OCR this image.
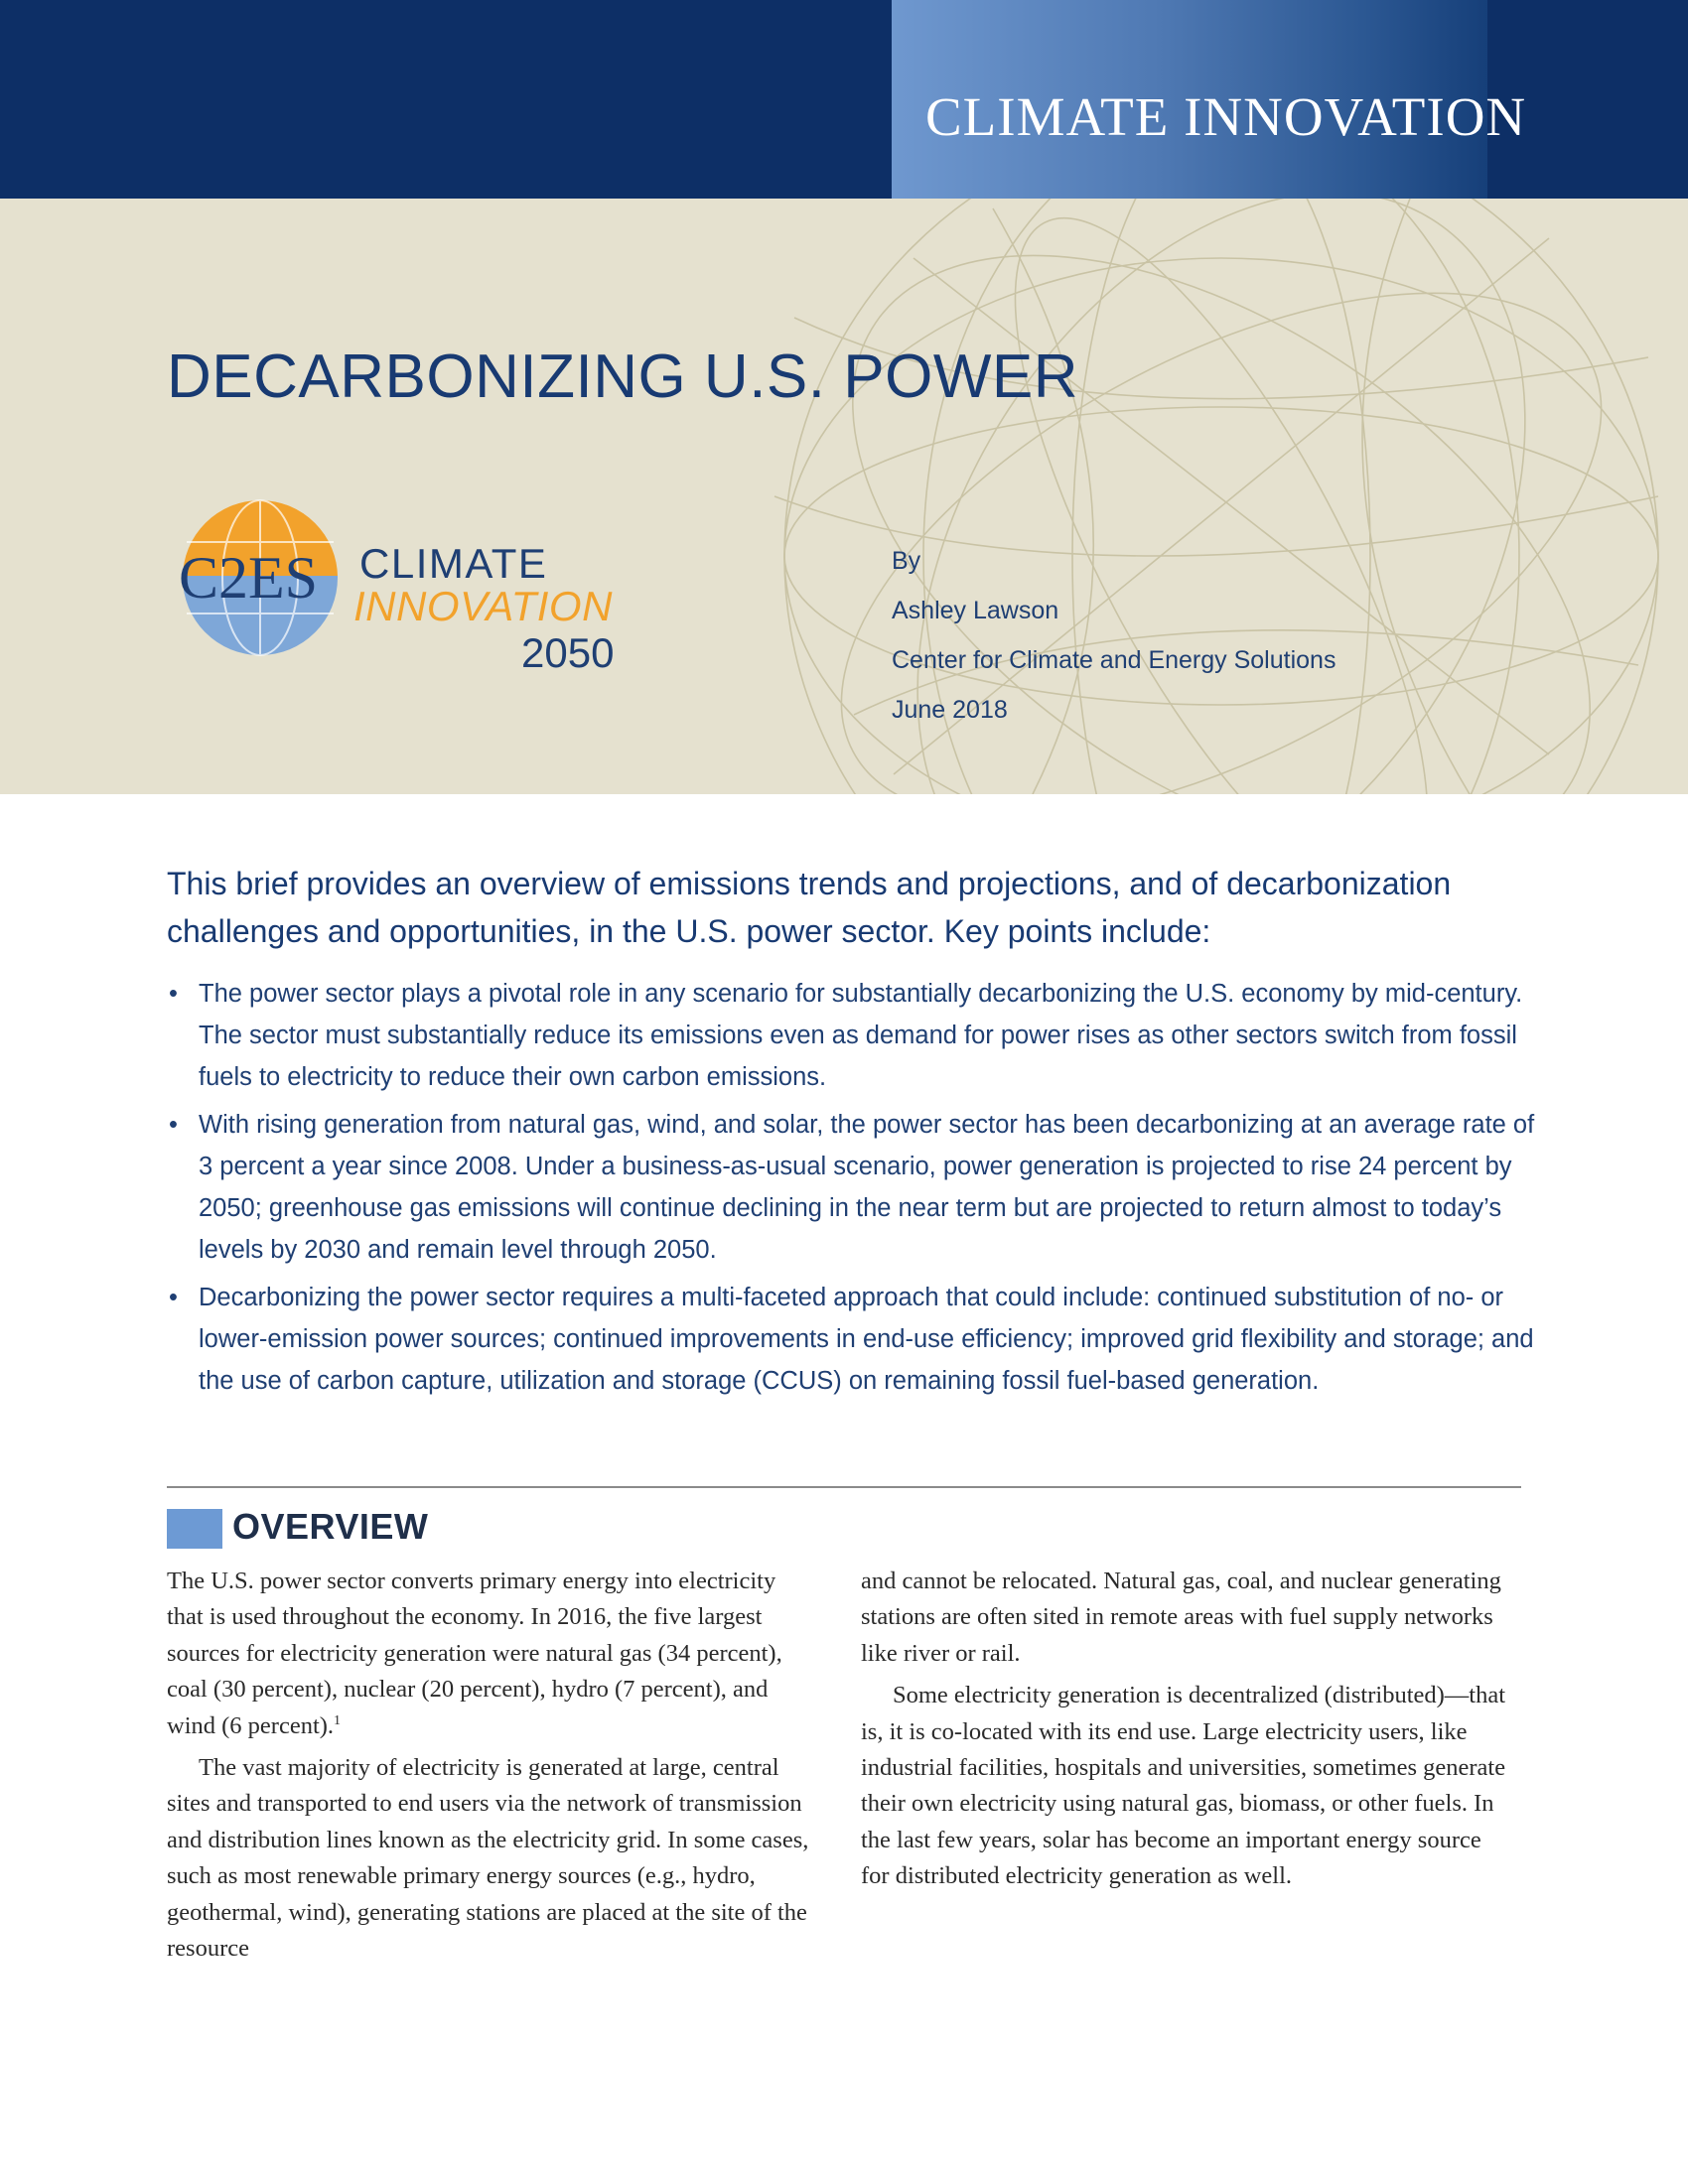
CLIMATE INNOVATION
DECARBONIZING U.S. POWER
C2ES CLIMATE
INNOVATION
2050
By
Ashley Lawson
Center for Climate and Energy Solutions
June 2018
This brief provides an overview of emissions trends and projections, and of decarbonization challenges and opportunities, in the U.S. power sector. Key points include:
• The power sector plays a pivotal role in any scenario for substantially decarbonizing the U.S. economy by mid-century. The sector must substantially reduce its emissions even as demand for power rises as other sectors switch from fossil fuels to electricity to reduce their own carbon emissions.
• With rising generation from natural gas, wind, and solar, the power sector has been decarbonizing at an average rate of 3 percent a year since 2008. Under a business-as-usual scenario, power generation is projected to rise 24 percent by 2050; greenhouse gas emissions will continue declining in the near term but are projected to return almost to today’s levels by 2030 and remain level through 2050.
• Decarbonizing the power sector requires a multi-faceted approach that could include: continued substitution of no- or lower-emission power sources; continued improvements in end-use efficiency; improved grid flexibility and storage; and the use of carbon capture, utilization and storage (CCUS) on remaining fossil fuel-based generation.
OVERVIEW

The U.S. power sector converts primary energy into electricity that is used throughout the economy. In 2016, the five largest sources for electricity generation were natural gas (34 percent), coal (30 percent), nuclear (20 percent), hydro (7 percent), and wind (6 percent).$^1$

The vast majority of electricity is generated at large, central sites and transported to end users via the network of transmission and distribution lines known as the electricity grid. In some cases, such as most renewable primary energy sources (e.g., hydro, geothermal, wind), generating stations are placed at the site of the resource

and cannot be relocated. Natural gas, coal, and nuclear generating stations are often sited in remote areas with fuel supply networks like river or rail.

Some electricity generation is decentralized (distributed)—that is, it is co-located with its end use. Large electricity users, like industrial facilities, hospitals and universities, sometimes generate their own electricity using natural gas, biomass, or other fuels. In the last few years, solar has become an important energy source for distributed electricity generation as well.
